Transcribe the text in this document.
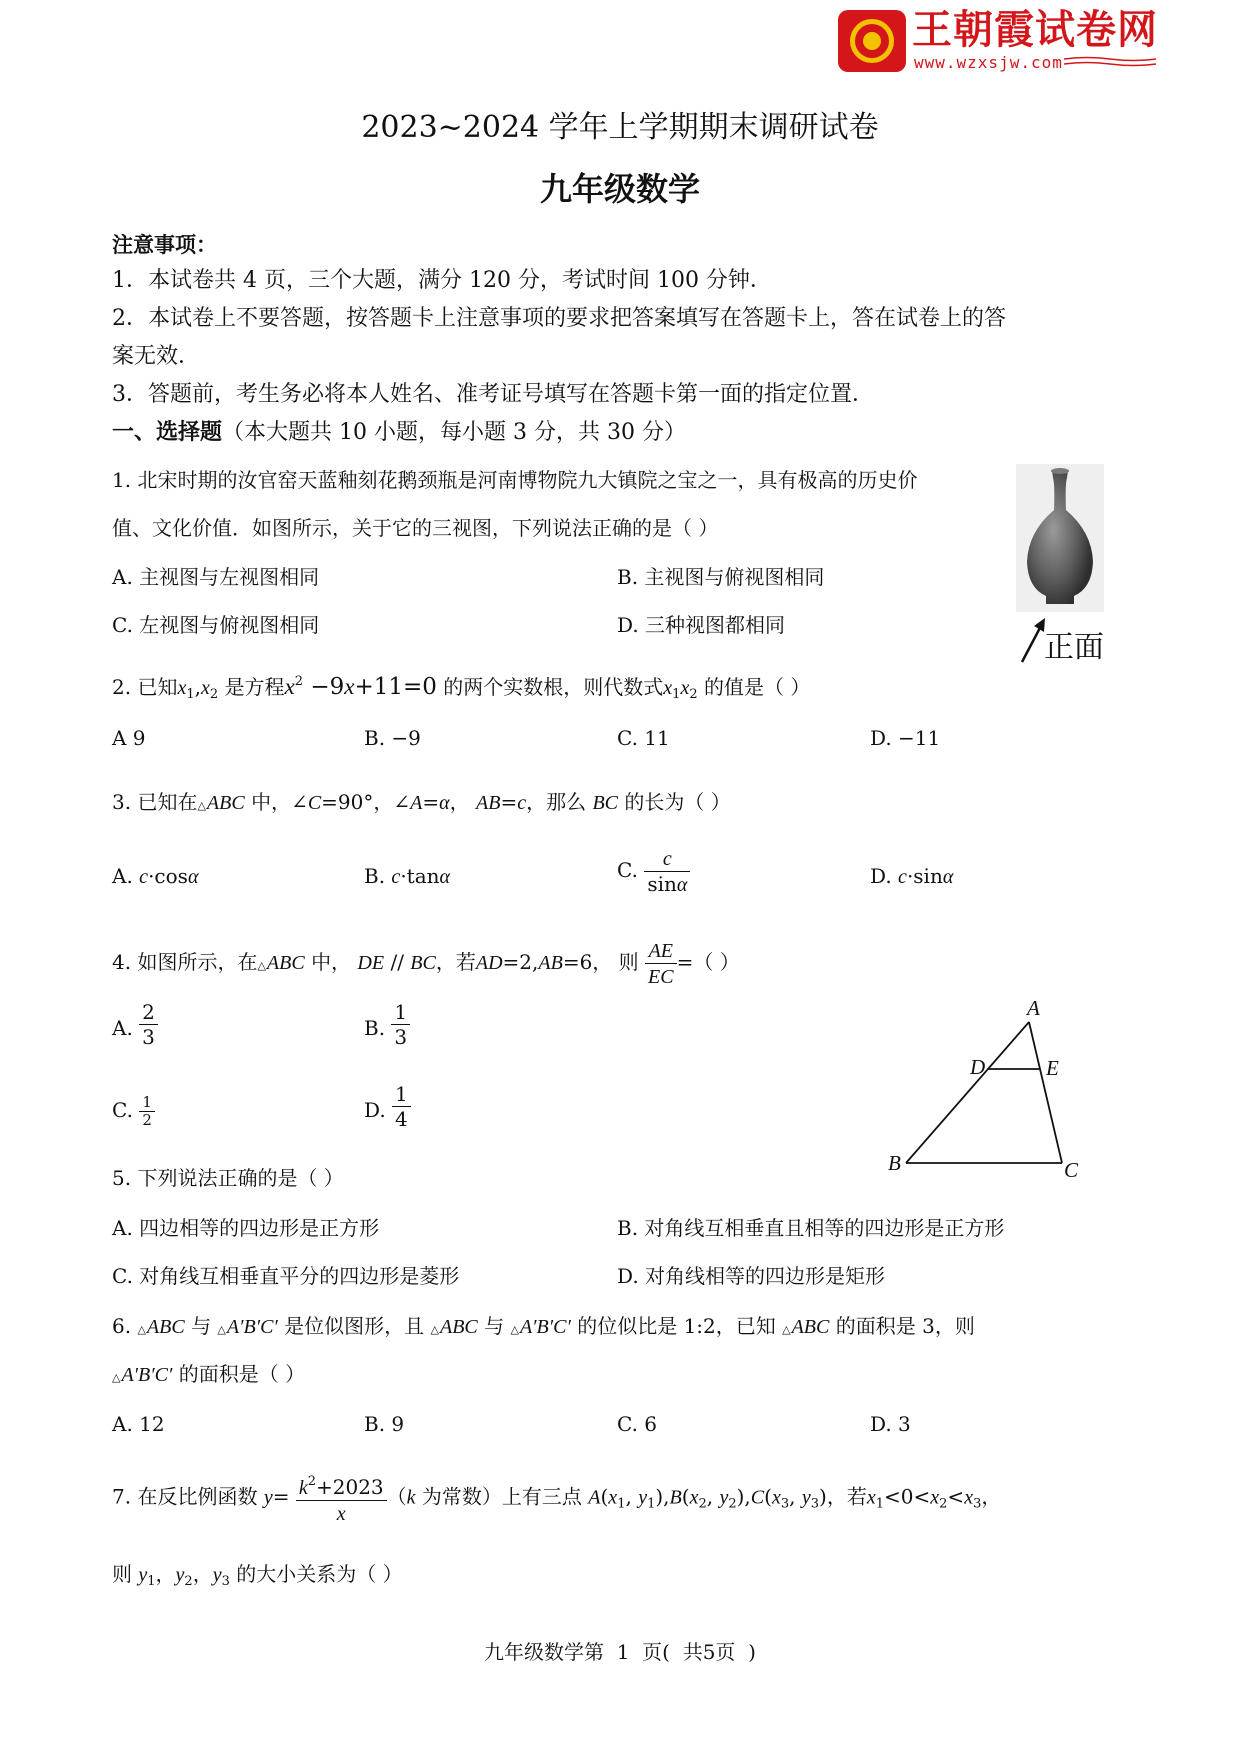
王朝霞试卷网
www.wzxsjw.com
2023~2024 学年上学期期末调研试卷
九年级数学
注意事项：
1．本试卷共 4 页，三个大题，满分 120 分，考试时间 100 分钟．
2．本试卷上不要答题，按答题卡上注意事项的要求把答案填写在答题卡上，答在试卷上的答
案无效．
3．答题前，考生务必将本人姓名、准考证号填写在答题卡第一面的指定位置．
一、选择题（本大题共 10 小题，每小题 3 分，共 30 分）
1. 北宋时期的汝官窑天蓝釉刻花鹅颈瓶是河南博物院九大镇院之宝之一，具有极高的历史价
值、文化价值．如图所示，关于它的三视图，下列说法正确的是（ ）
A. 主视图与左视图相同	B. 主视图与俯视图相同
C. 左视图与俯视图相同	D. 三种视图都相同
正面
2. 已知$x_1,x_2$ 是方程$x^2 -9x+11=0$ 的两个实数根，则代数式$x_1x_2$ 的值是（ ）
A 9	B. −9	C. 11	D. −11
3. 已知在△ABC 中，∠C=90°，∠A=α， AB=c，那么 BC 的长为（ ）
A. c·cosα	B. c·tanα	C. $\frac{c}{\sin\alpha}$	D. c·sinα
4. 如图所示，在△ABC 中， DE // BC，若AD=2,AB=6， 则 $\frac{AE}{EC}$ =（ ）
A. $\frac{2}{3}$	B. $\frac{1}{3}$
C. $\frac{1}{2}$	D. $\frac{1}{4}$
A
D	E
B	C
5. 下列说法正确的是（ ）
A. 四边相等的四边形是正方形	B. 对角线互相垂直且相等的四边形是正方形
C. 对角线互相垂直平分的四边形是菱形	D. 对角线相等的四边形是矩形
6. △ABC 与 △A′B′C′ 是位似图形，且 △ABC 与 △A′B′C′ 的位似比是 1:2，已知 △ABC 的面积是 3，则
△A′B′C′ 的面积是（ ）
A. 12	B. 9	C. 6	D. 3
7. 在反比例函数 $y= \frac{k^2+2023}{x} (k$ 为常数）上有三点 $A(x_1$, $y_1),B(x_2$, $y_2),C(x_3$, $y_3$)，若$x_1<0<x_2<x_3$，
则 $y_1$，$y_2$，$y_3$ 的大小关系为（ ）
九年级数学第  1  页(  共5页  )
